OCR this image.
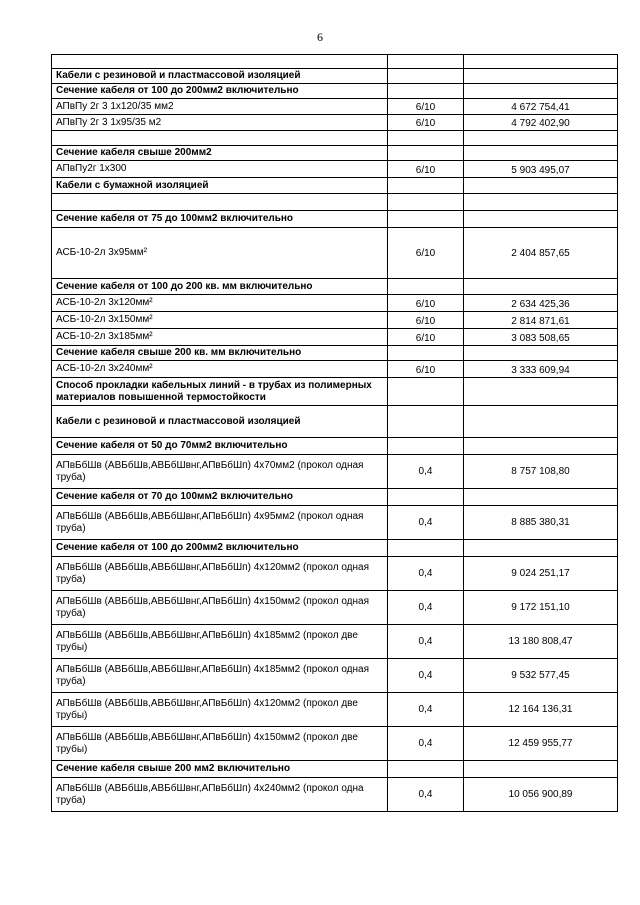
6

Кабели с резиновой и пластмассовой изоляцией		
Сечение кабеля от 100 до 200мм2 включительно		
АПвПу 2г 3 1х120/35 мм2	6/10	4 672 754,41
АПвПу 2г 3 1х95/35 м2	6/10	4 792 402,90

Сечение кабеля свыше 200мм2		
АПвПу2г 1х300	6/10	5 903 495,07
Кабели с бумажной изоляцией		

Сечение кабеля от 75 до 100мм2 включительно		
АСБ-10-2л 3х95мм²	6/10	2 404 857,65
Сечение кабеля от 100 до 200 кв. мм включительно		
АСБ-10-2л 3х120мм²	6/10	2 634 425,36
АСБ-10-2л 3х150мм²	6/10	2 814 871,61
АСБ-10-2л 3х185мм²	6/10	3 083 508,65
Сечение кабеля свыше 200 кв. мм включительно		
АСБ-10-2л 3х240мм²	6/10	3 333 609,94
Способ прокладки кабельных линий - в трубах из полимерных материалов повышенной термостойкости		
Кабели с резиновой и пластмассовой изоляцией		
Сечение кабеля от 50 до 70мм2 включительно		
АПвБбШв (АВБбШв,АВБбШвнг,АПвБбШп) 4х70мм2 (прокол одная труба)	0,4	8 757 108,80
Сечение кабеля от 70 до 100мм2 включительно		
АПвБбШв (АВБбШв,АВБбШвнг,АПвБбШп) 4х95мм2 (прокол одная труба)	0,4	8 885 380,31
Сечение кабеля от 100 до 200мм2 включительно		
АПвБбШв (АВБбШв,АВБбШвнг,АПвБбШп) 4х120мм2 (прокол одная труба)	0,4	9 024 251,17
АПвБбШв (АВБбШв,АВБбШвнг,АПвБбШп) 4х150мм2 (прокол одная труба)	0,4	9 172 151,10
АПвБбШв (АВБбШв,АВБбШвнг,АПвБбШп) 4х185мм2 (прокол две трубы)	0,4	13 180 808,47
АПвБбШв (АВБбШв,АВБбШвнг,АПвБбШп) 4х185мм2 (прокол одная труба)	0,4	9 532 577,45
АПвБбШв (АВБбШв,АВБбШвнг,АПвБбШп) 4х120мм2 (прокол две трубы)	0,4	12 164 136,31
АПвБбШв (АВБбШв,АВБбШвнг,АПвБбШп) 4х150мм2 (прокол две трубы)	0,4	12 459 955,77
Сечение кабеля свыше 200 мм2 включительно		
АПвБбШв (АВБбШв,АВБбШвнг,АПвБбШп) 4х240мм2 (прокол одна труба)	0,4	10 056 900,89
